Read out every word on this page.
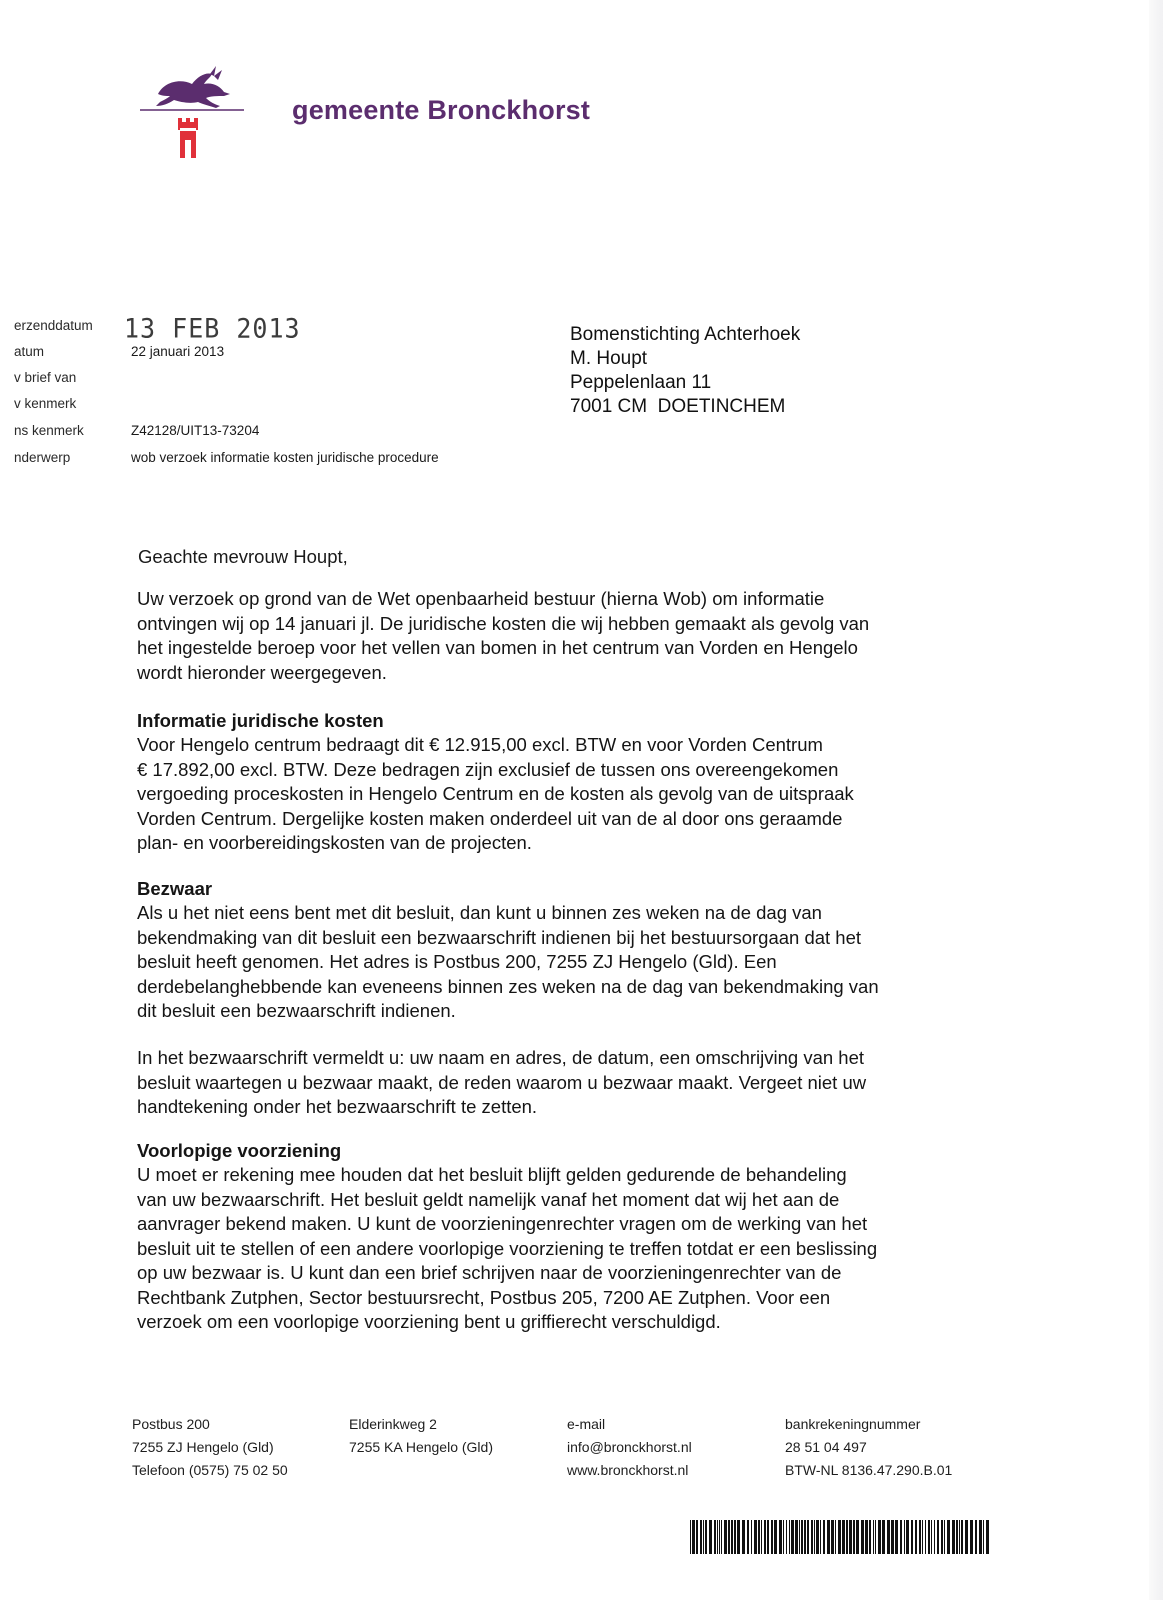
gemeente Bronckhorst
erzenddatum
atum
v brief van
v kenmerk
ns kenmerk
nderwerp
13 FEB 2013
22 januari 2013
Z42128/UIT13-73204
wob verzoek informatie kosten juridische procedure
Bomenstichting Achterhoek
M. Houpt
Peppelenlaan 11
7001 CM  DOETINCHEM
Geachte mevrouw Houpt,
Uw verzoek op grond van de Wet openbaarheid bestuur (hierna Wob) om informatie
ontvingen wij op 14 januari jl. De juridische kosten die wij hebben gemaakt als gevolg van
het ingestelde beroep voor het vellen van bomen in het centrum van Vorden en Hengelo
wordt hieronder weergegeven.
Informatie juridische kosten
Voor Hengelo centrum bedraagt dit € 12.915,00 excl. BTW en voor Vorden Centrum
€ 17.892,00 excl. BTW. Deze bedragen zijn exclusief de tussen ons overeengekomen
vergoeding proceskosten in Hengelo Centrum en de kosten als gevolg van de uitspraak
Vorden Centrum. Dergelijke kosten maken onderdeel uit van de al door ons geraamde
plan- en voorbereidingskosten van de projecten.
Bezwaar
Als u het niet eens bent met dit besluit, dan kunt u binnen zes weken na de dag van
bekendmaking van dit besluit een bezwaarschrift indienen bij het bestuursorgaan dat het
besluit heeft genomen. Het adres is Postbus 200, 7255 ZJ Hengelo (Gld). Een
derdebelanghebbende kan eveneens binnen zes weken na de dag van bekendmaking van
dit besluit een bezwaarschrift indienen.
In het bezwaarschrift vermeldt u: uw naam en adres, de datum, een omschrijving van het
besluit waartegen u bezwaar maakt, de reden waarom u bezwaar maakt. Vergeet niet uw
handtekening onder het bezwaarschrift te zetten.
Voorlopige voorziening
U moet er rekening mee houden dat het besluit blijft gelden gedurende de behandeling
van uw bezwaarschrift. Het besluit geldt namelijk vanaf het moment dat wij het aan de
aanvrager bekend maken. U kunt de voorzieningenrechter vragen om de werking van het
besluit uit te stellen of een andere voorlopige voorziening te treffen totdat er een beslissing
op uw bezwaar is. U kunt dan een brief schrijven naar de voorzieningenrechter van de
Rechtbank Zutphen, Sector bestuursrecht, Postbus 205, 7200 AE Zutphen. Voor een
verzoek om een voorlopige voorziening bent u griffierecht verschuldigd.
Postbus 200
7255 ZJ Hengelo (Gld)
Telefoon (0575) 75 02 50
Elderinkweg 2
7255 KA Hengelo (Gld)
e-mail
info@bronckhorst.nl
www.bronckhorst.nl
bankrekeningnummer
28 51 04 497
BTW-NL 8136.47.290.B.01
